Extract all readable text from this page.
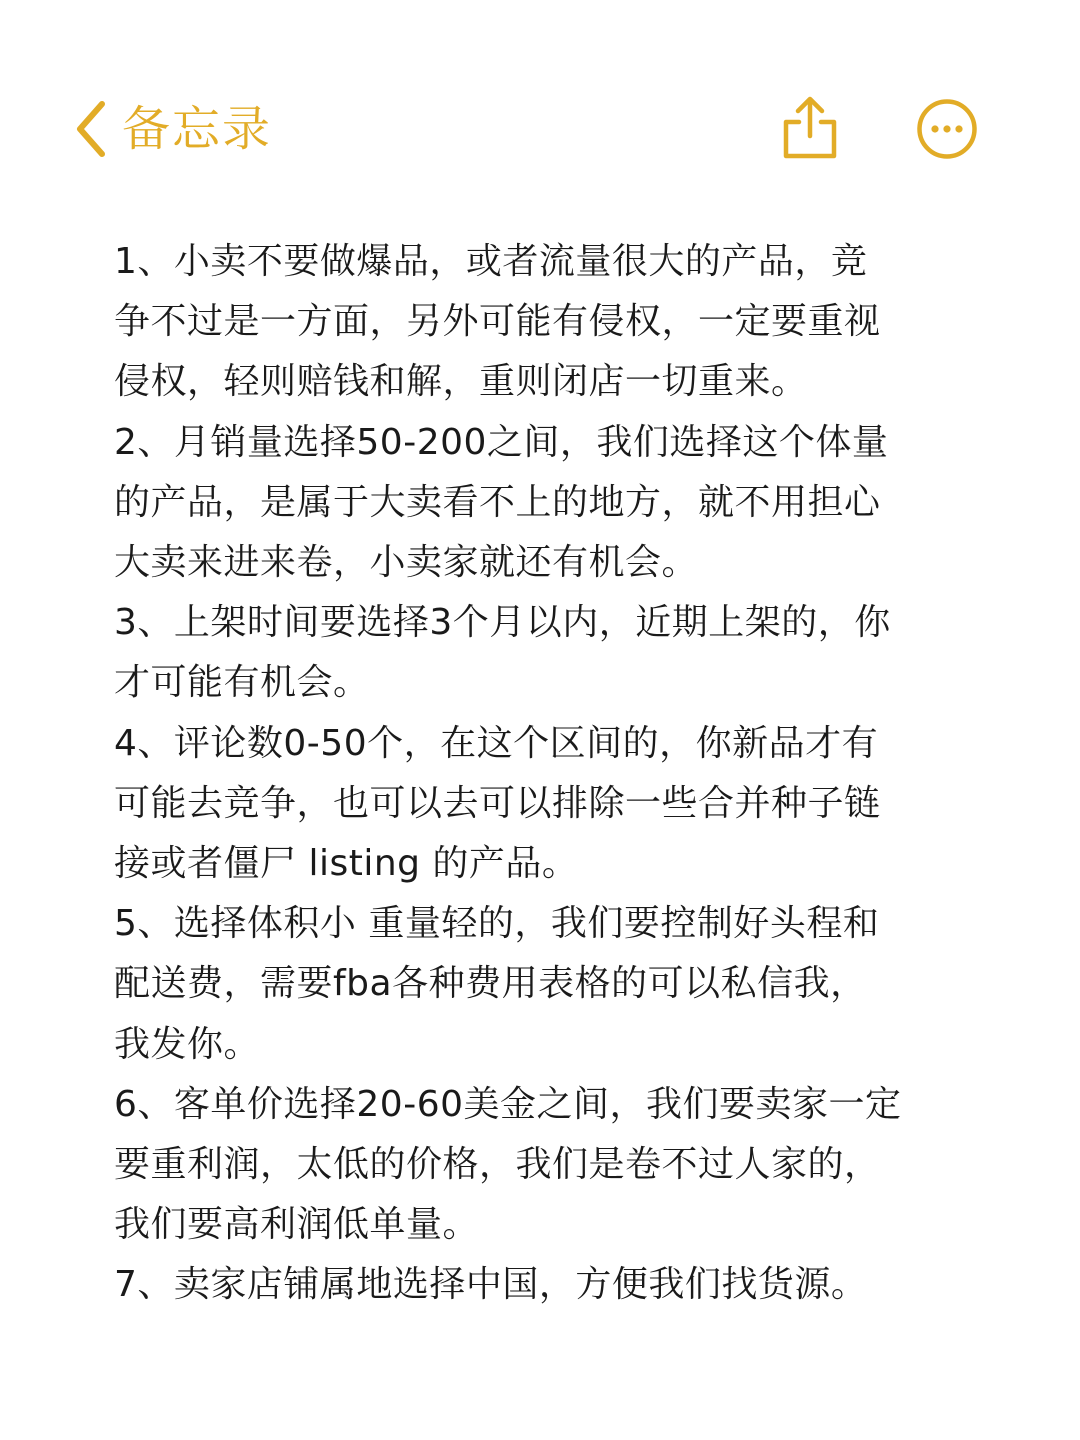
备忘录

1、小卖不要做爆品，或者流量很大的产品，竞

争不过是一方面，另外可能有侵权，一定要重视

侵权，轻则赔钱和解，重则闭店一切重来。

2、月销量选择50-200之间，我们选择这个体量

的产品，是属于大卖看不上的地方，就不用担心

大卖来进来卷，小卖家就还有机会。

3、上架时间要选择3个月以内，近期上架的，你

才可能有机会。

4、评论数0-50个，在这个区间的，你新品才有

可能去竞争，也可以去可以排除一些合并种子链

接或者僵尸 listing 的产品。

5、选择体积小 重量轻的，我们要控制好头程和

配送费，需要fba各种费用表格的可以私信我，

我发你。

6、客单价选择20-60美金之间，我们要卖家一定

要重利润，太低的价格，我们是卷不过人家的，

我们要高利润低单量。

7、卖家店铺属地选择中国，方便我们找货源。
